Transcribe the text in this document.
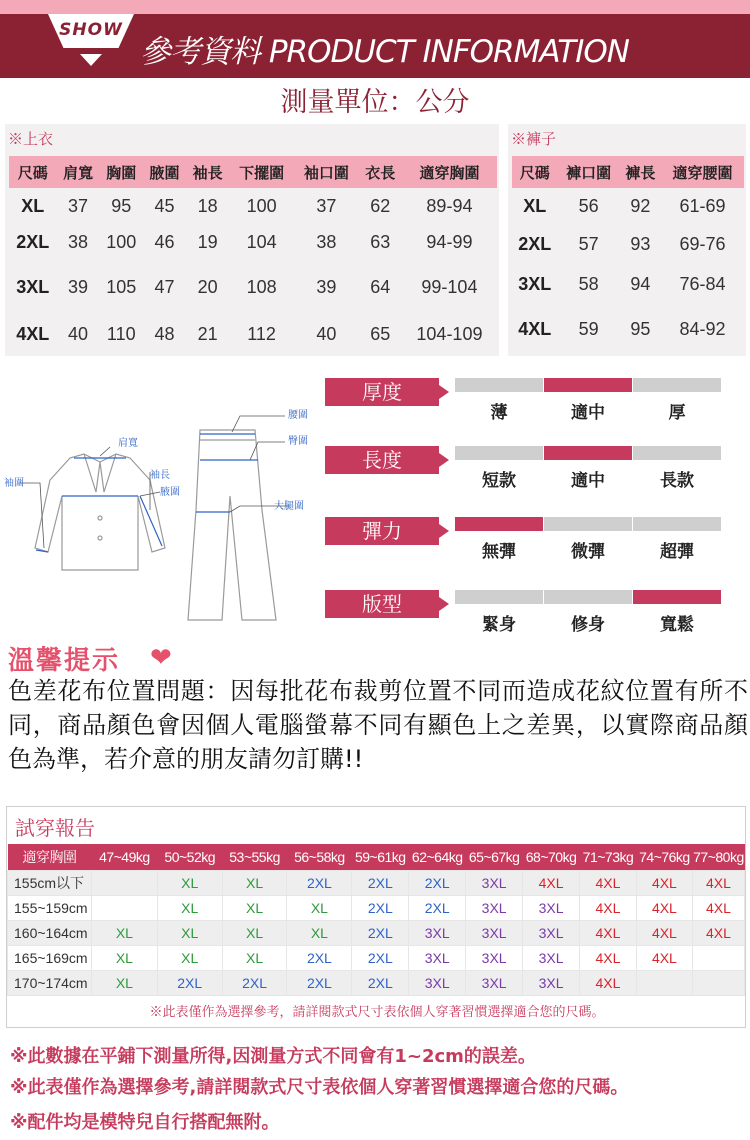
SHOW
參考資料 PRODUCT INFORMATION
測量單位：公分
※上衣
尺碼	肩寬	胸圍	腋圍	袖長	下擺圍	袖口圍	衣長	適穿胸圍
XL	37	95	45	18	100	37	62	89-94
2XL	38	100	46	19	104	38	63	94-99
3XL	39	105	47	20	108	39	64	99-104
4XL	40	110	48	21	112	40	65	104-109
※褲子
尺碼	褲口圍	褲長	適穿腰圍
XL	56	92	61-69
2XL	57	93	69-76
3XL	58	94	76-84
4XL	59	95	84-92
袖圍
肩寬
袖長
腋圍
腰圍
臀圍
大腿圍
厚度
薄	適中	厚
長度
短款	適中	長款
彈力
無彈	微彈	超彈
版型
緊身	修身	寬鬆
溫馨提示 ❤
色差花布位置問題：因每批花布裁剪位置不同而造成花紋位置有所不同，商品顏色會因個人電腦螢幕不同有顯色上之差異，以實際商品顏色為準，若介意的朋友請勿訂購!!
試穿報告
適穿胸圍	47~49kg	50~52kg	53~55kg	56~58kg	59~61kg	62~64kg	65~67kg	68~70kg	71~73kg	74~76kg	77~80kg
155cm以下		XL	XL	2XL	2XL	2XL	3XL	4XL	4XL	4XL	4XL
155~159cm		XL	XL	XL	2XL	2XL	3XL	3XL	4XL	4XL	4XL
160~164cm	XL	XL	XL	XL	2XL	3XL	3XL	3XL	4XL	4XL	4XL
165~169cm	XL	XL	XL	2XL	2XL	3XL	3XL	3XL	4XL	4XL	
170~174cm	XL	2XL	2XL	2XL	2XL	3XL	3XL	3XL	4XL		
※此表僅作為選擇參考，請詳閱款式尺寸表依個人穿著習慣選擇適合您的尺碼。
※此數據在平鋪下測量所得,因測量方式不同會有1~2cm的誤差。
※此表僅作為選擇參考,請詳閱款式尺寸表依個人穿著習慣選擇適合您的尺碼。
※配件均是模特兒自行搭配無附。
